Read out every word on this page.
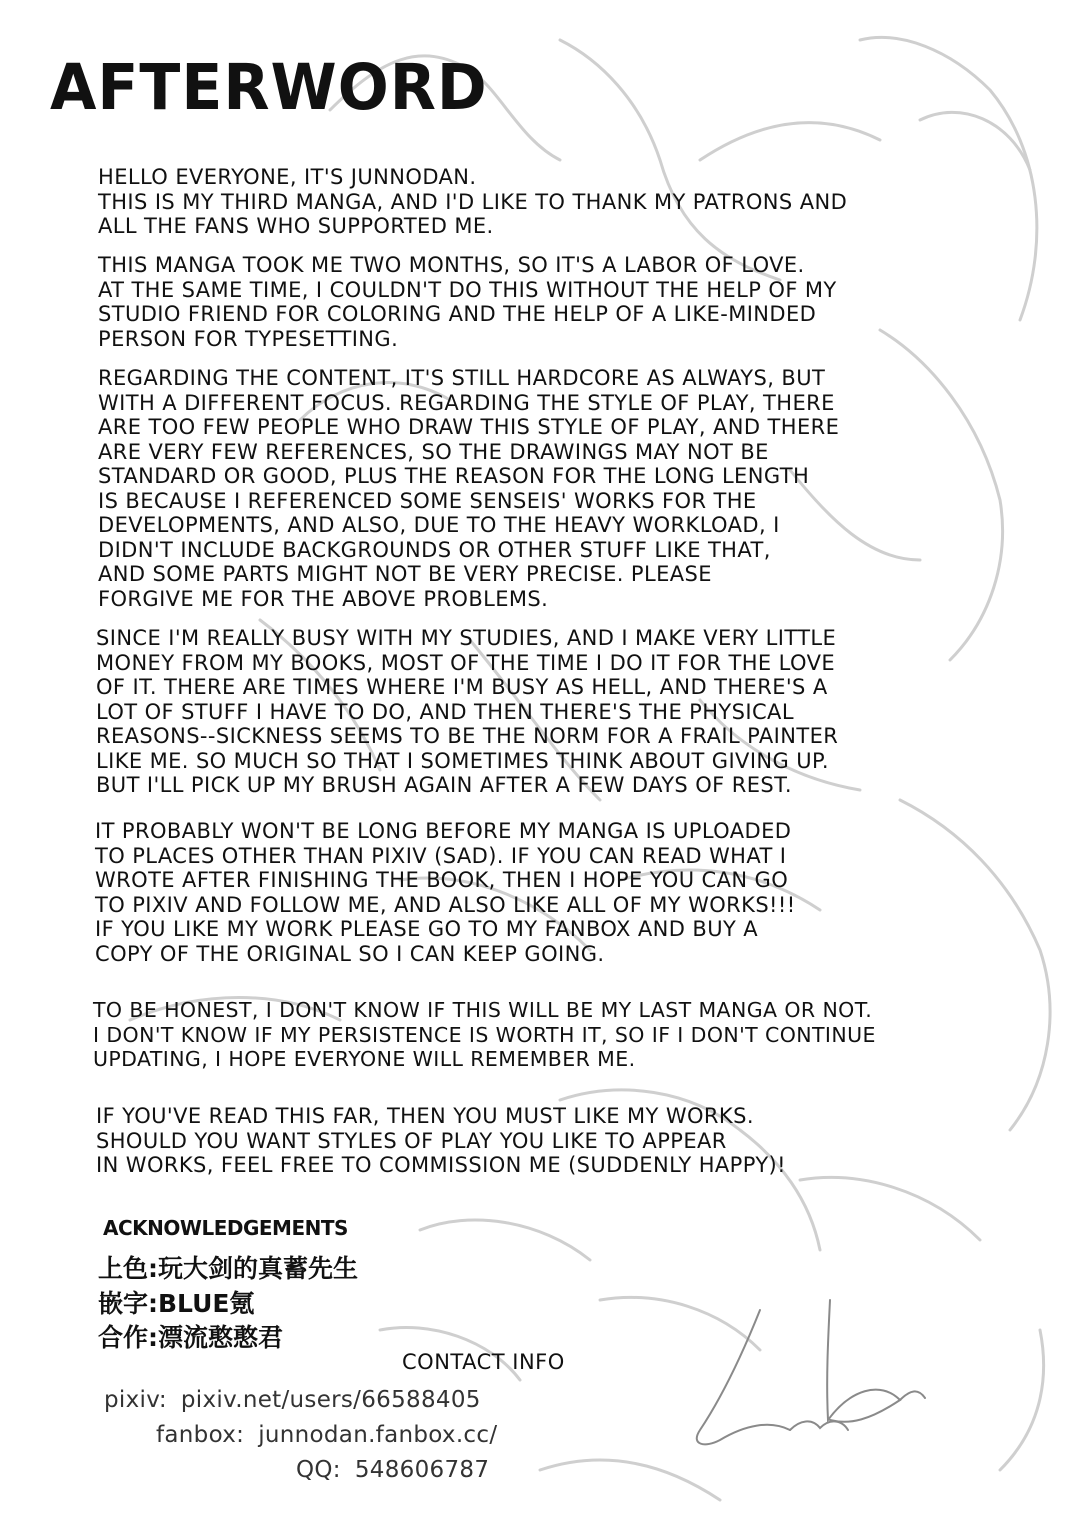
AFTERWORD

HELLO EVERYONE, IT'S JUNNODAN.
THIS IS MY THIRD MANGA, AND I'D LIKE TO THANK MY PATRONS AND
ALL THE FANS WHO SUPPORTED ME.

THIS MANGA TOOK ME TWO MONTHS, SO IT'S A LABOR OF LOVE.
AT THE SAME TIME, I COULDN'T DO THIS WITHOUT THE HELP OF MY
STUDIO FRIEND FOR COLORING AND THE HELP OF A LIKE-MINDED
PERSON FOR TYPESETTING.

REGARDING THE CONTENT, IT'S STILL HARDCORE AS ALWAYS, BUT
WITH A DIFFERENT FOCUS. REGARDING THE STYLE OF PLAY, THERE
ARE TOO FEW PEOPLE WHO DRAW THIS STYLE OF PLAY, AND THERE
ARE VERY FEW REFERENCES, SO THE DRAWINGS MAY NOT BE
STANDARD OR GOOD, PLUS THE REASON FOR THE LONG LENGTH
IS BECAUSE I REFERENCED SOME SENSEIS' WORKS FOR THE
DEVELOPMENTS, AND ALSO, DUE TO THE HEAVY WORKLOAD, I
DIDN'T INCLUDE BACKGROUNDS OR OTHER STUFF LIKE THAT,
AND SOME PARTS MIGHT NOT BE VERY PRECISE. PLEASE
FORGIVE ME FOR THE ABOVE PROBLEMS.

SINCE I'M REALLY BUSY WITH MY STUDIES, AND I MAKE VERY LITTLE
MONEY FROM MY BOOKS, MOST OF THE TIME I DO IT FOR THE LOVE
OF IT. THERE ARE TIMES WHERE I'M BUSY AS HELL, AND THERE'S A
LOT OF STUFF I HAVE TO DO, AND THEN THERE'S THE PHYSICAL
REASONS--SICKNESS SEEMS TO BE THE NORM FOR A FRAIL PAINTER
LIKE ME. SO MUCH SO THAT I SOMETIMES THINK ABOUT GIVING UP.
BUT I'LL PICK UP MY BRUSH AGAIN AFTER A FEW DAYS OF REST.

IT PROBABLY WON'T BE LONG BEFORE MY MANGA IS UPLOADED
TO PLACES OTHER THAN PIXIV (SAD). IF YOU CAN READ WHAT I
WROTE AFTER FINISHING THE BOOK, THEN I HOPE YOU CAN GO
TO PIXIV AND FOLLOW ME, AND ALSO LIKE ALL OF MY WORKS!!!
IF YOU LIKE MY WORK PLEASE GO TO MY FANBOX AND BUY A
COPY OF THE ORIGINAL SO I CAN KEEP GOING.

TO BE HONEST, I DON'T KNOW IF THIS WILL BE MY LAST MANGA OR NOT.
I DON'T KNOW IF MY PERSISTENCE IS WORTH IT, SO IF I DON'T CONTINUE
UPDATING, I HOPE EVERYONE WILL REMEMBER ME.

IF YOU'VE READ THIS FAR, THEN YOU MUST LIKE MY WORKS.
SHOULD YOU WANT STYLES OF PLAY YOU LIKE TO APPEAR
IN WORKS, FEEL FREE TO COMMISSION ME (SUDDENLY HAPPY)!

ACKNOWLEDGEMENTS
上色:玩大剑的真蓄先生
嵌字:BLUE氪
合作:漂流憨憨君
CONTACT INFO
pixiv: pixiv.net/users/66588405
fanbox: junnodan.fanbox.cc/
QQ: 548606787
